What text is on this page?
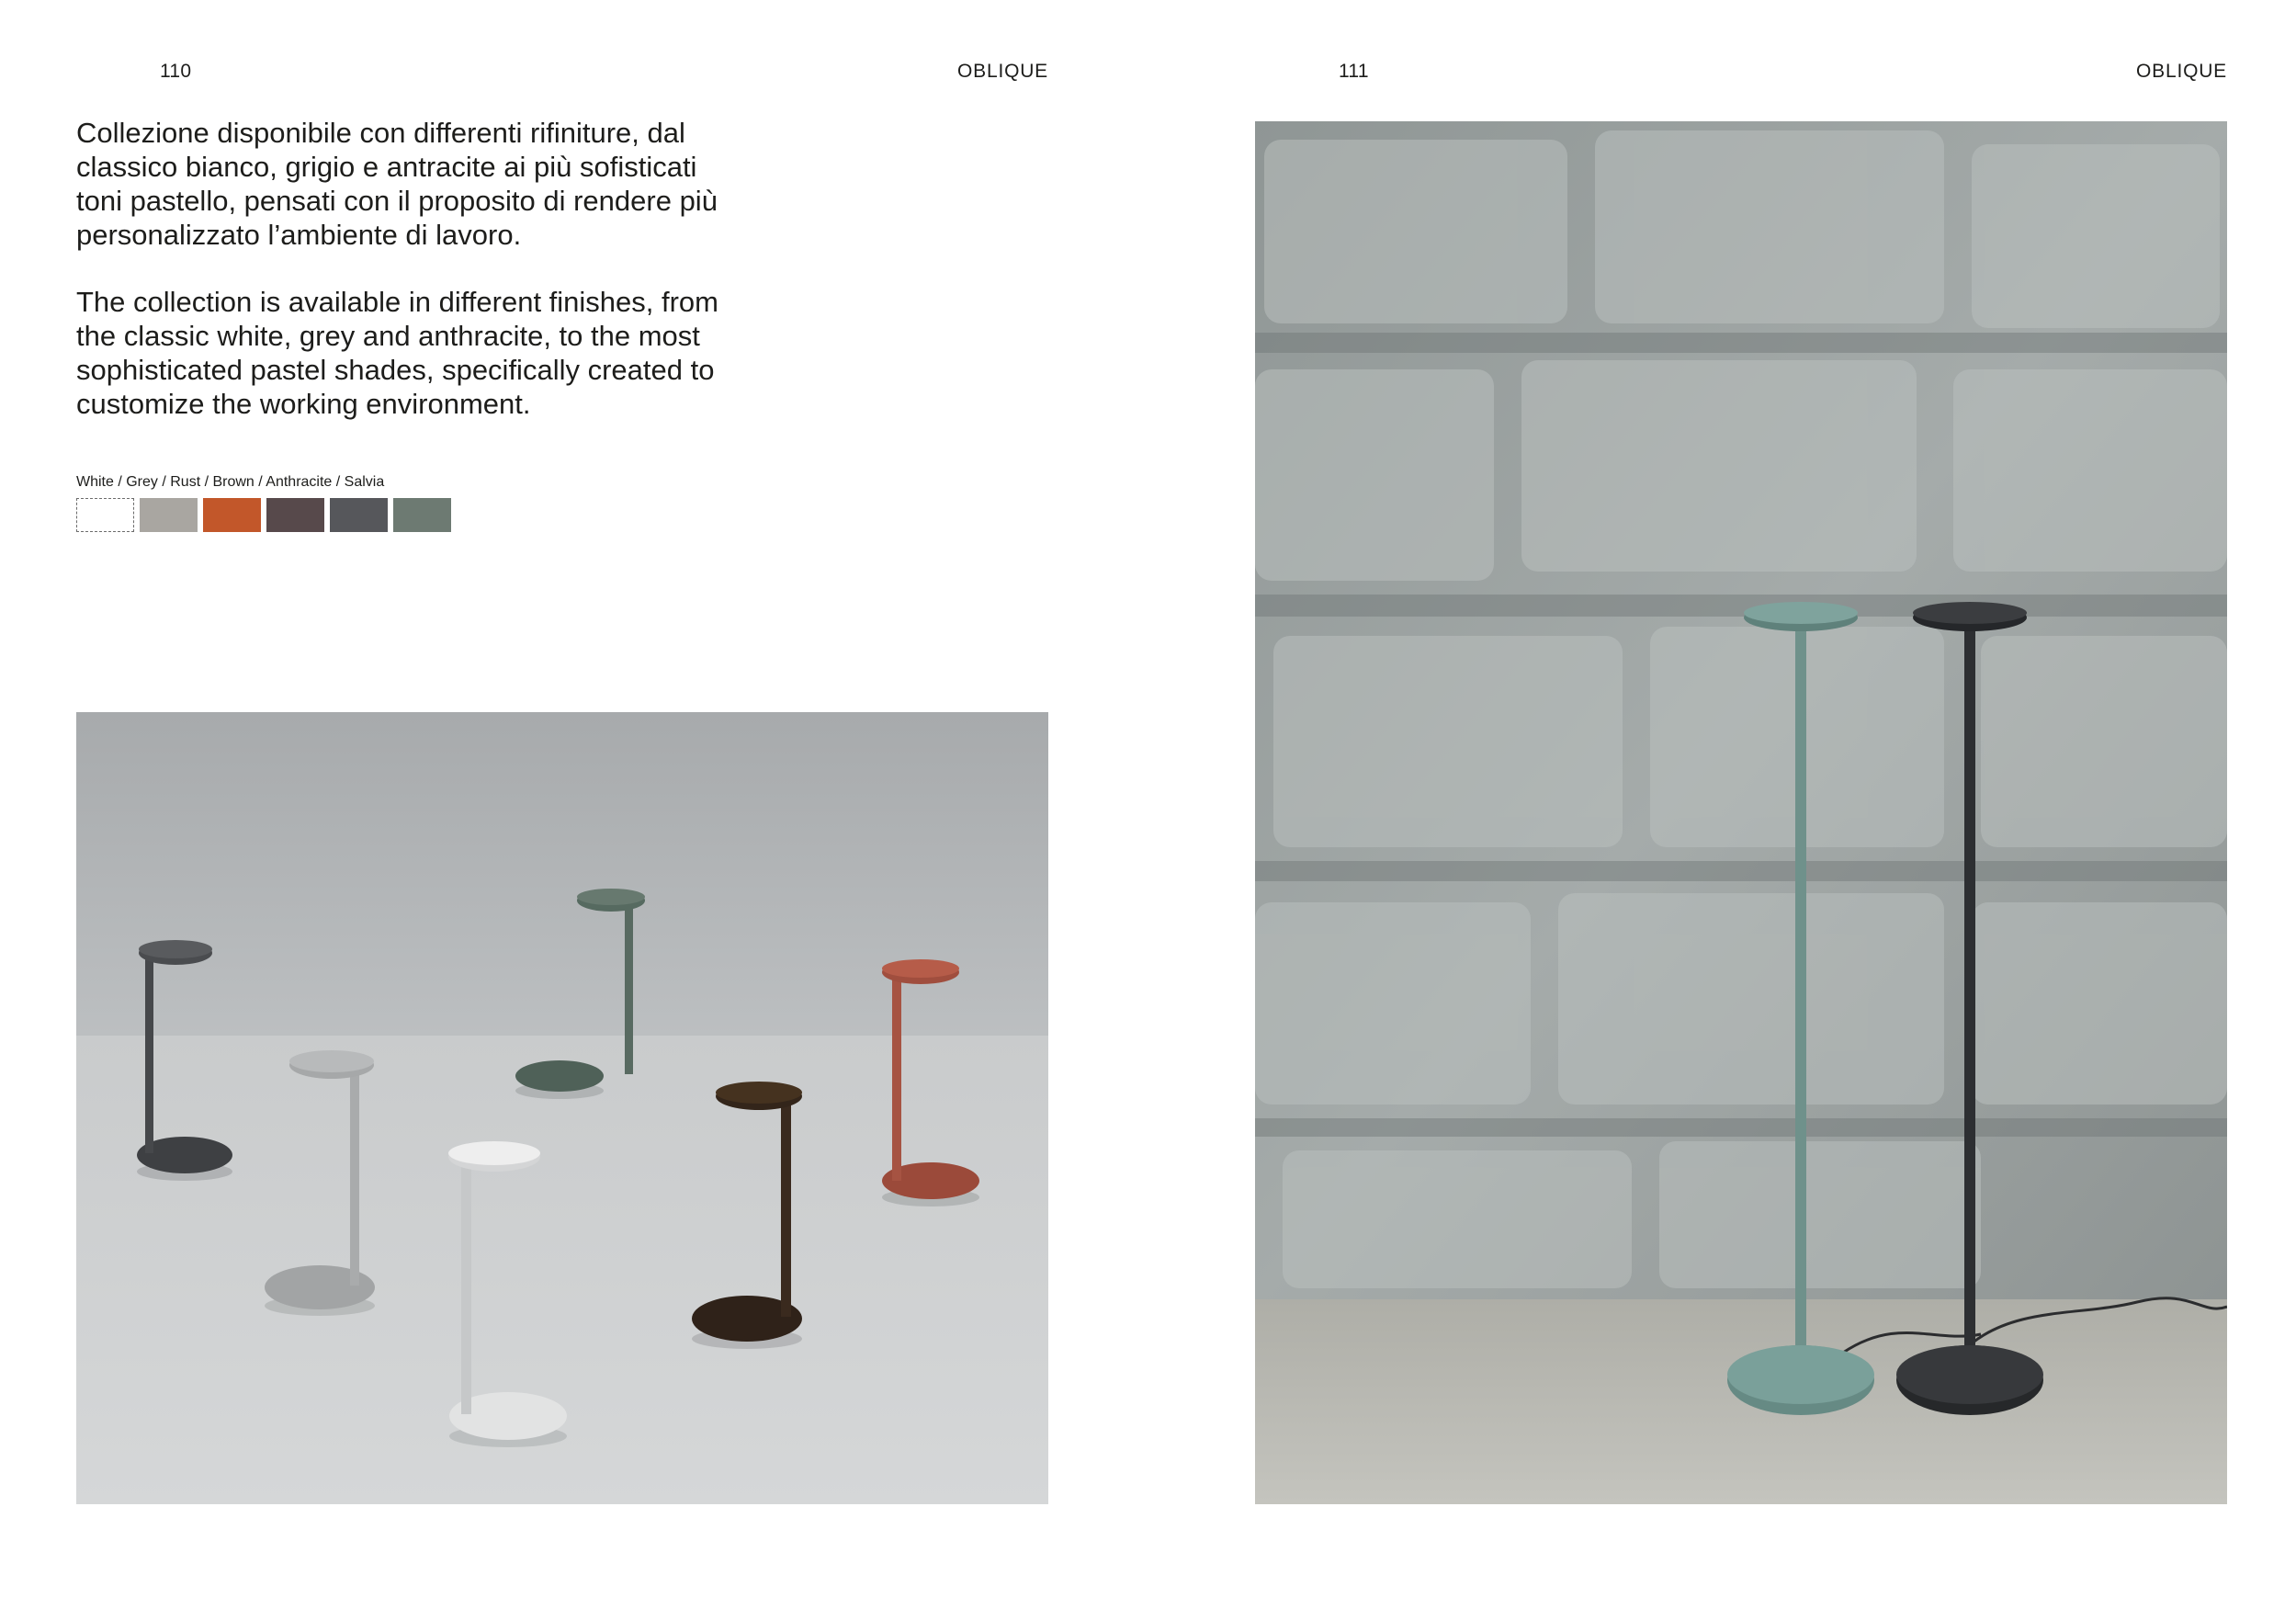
110	OBLIQUE

Collezione disponibile con differenti rifiniture, dal classico bianco, grigio e antracite ai più sofisticati toni pastello, pensati con il proposito di rendere più personalizzato l’ambiente di lavoro.

The collection is available in different finishes, from the classic white, grey and anthracite, to the most sophisticated pastel shades, specifically created to customize the working environment.

White / Grey / Rust / Brown / Anthracite / Salvia
111	OBLIQUE
